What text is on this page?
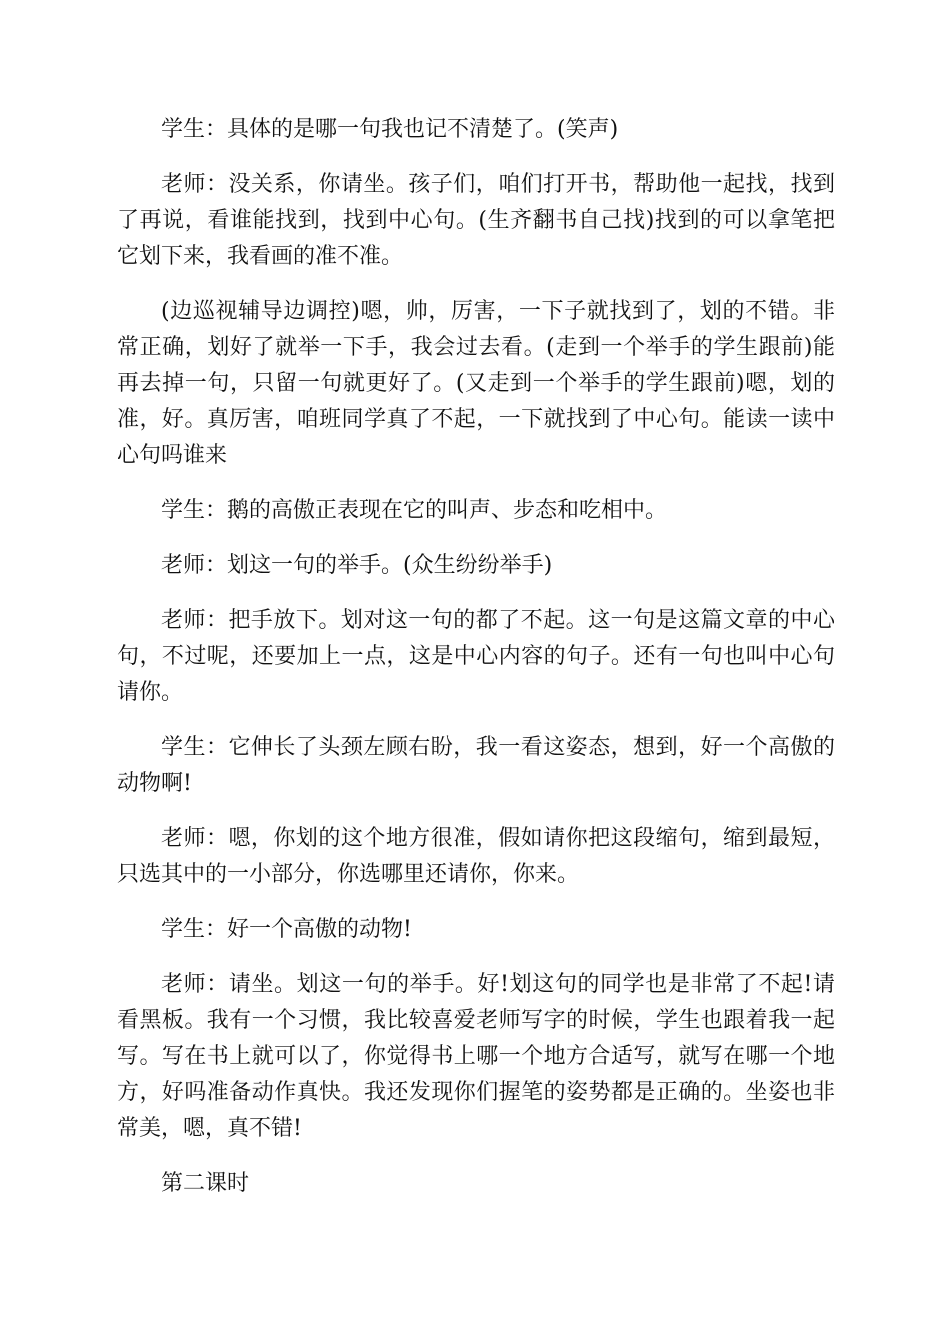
学生：具体的是哪一句我也记不清楚了。(笑声)

老师：没关系，你请坐。孩子们，咱们打开书，帮助他一起找，找到了再说，看谁能找到，找到中心句。(生齐翻书自己找)找到的可以拿笔把它划下来，我看画的准不准。

(边巡视辅导边调控)嗯，帅，厉害，一下子就找到了，划的不错。非常正确，划好了就举一下手，我会过去看。(走到一个举手的学生跟前)能再去掉一句，只留一句就更好了。(又走到一个举手的学生跟前)嗯，划的准，好。真厉害，咱班同学真了不起，一下就找到了中心句。能读一读中心句吗谁来

学生：鹅的高傲正表现在它的叫声、步态和吃相中。

老师：划这一句的举手。(众生纷纷举手)

老师：把手放下。划对这一句的都了不起。这一句是这篇文章的中心句，不过呢，还要加上一点，这是中心内容的句子。还有一句也叫中心句请你。

学生：它伸长了头颈左顾右盼，我一看这姿态，想到，好一个高傲的动物啊!

老师：嗯，你划的这个地方很准，假如请你把这段缩句，缩到最短，只选其中的一小部分，你选哪里还请你，你来。

学生：好一个高傲的动物!

老师：请坐。划这一句的举手。好!划这句的同学也是非常了不起!请看黑板。我有一个习惯，我比较喜爱老师写字的时候，学生也跟着我一起写。写在书上就可以了，你觉得书上哪一个地方合适写，就写在哪一个地方，好吗准备动作真快。我还发现你们握笔的姿势都是正确的。坐姿也非常美，嗯，真不错!

第二课时
